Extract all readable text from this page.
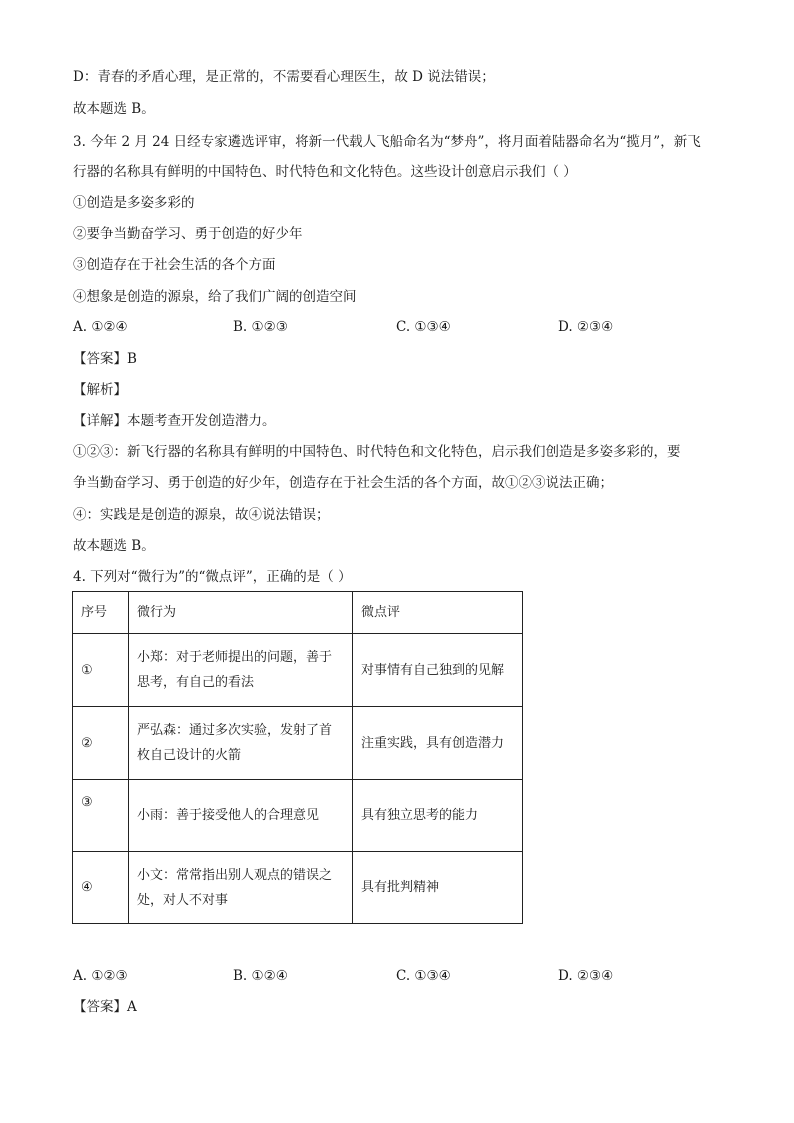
D：青春的矛盾心理，是正常的，不需要看心理医生，故 D 说法错误；
故本题选 B。
3. 今年 2 月 24 日经专家遴选评审，将新一代载人飞船命名为“梦舟”，将月面着陆器命名为“揽月”，新飞
行器的名称具有鲜明的中国特色、时代特色和文化特色。这些设计创意启示我们（ ）
①创造是多姿多彩的
②要争当勤奋学习、勇于创造的好少年
③创造存在于社会生活的各个方面
④想象是创造的源泉，给了我们广阔的创造空间
A. ①②④	B. ①②③	C. ①③④	D. ②③④
【答案】B
【解析】
【详解】本题考查开发创造潜力。
①②③：新飞行器的名称具有鲜明的中国特色、时代特色和文化特色，启示我们创造是多姿多彩的，要
争当勤奋学习、勇于创造的好少年，创造存在于社会生活的各个方面，故①②③说法正确；
④：实践是是创造的源泉，故④说法错误；
故本题选 B。
4. 下列对“微行为”的“微点评”，正确的是（ ）
序号	微行为	微点评
①	小郑：对于老师提出的问题，善于
思考，有自己的看法	对事情有自己独到的见解
②	严弘森：通过多次实验，发射了首
枚自己设计的火箭	注重实践，具有创造潜力
③	小雨：善于接受他人的合理意见	具有独立思考的能力
④	小文：常常指出别人观点的错误之
处，对人不对事	具有批判精神
A. ①②③	B. ①②④	C. ①③④	D. ②③④
【答案】A
